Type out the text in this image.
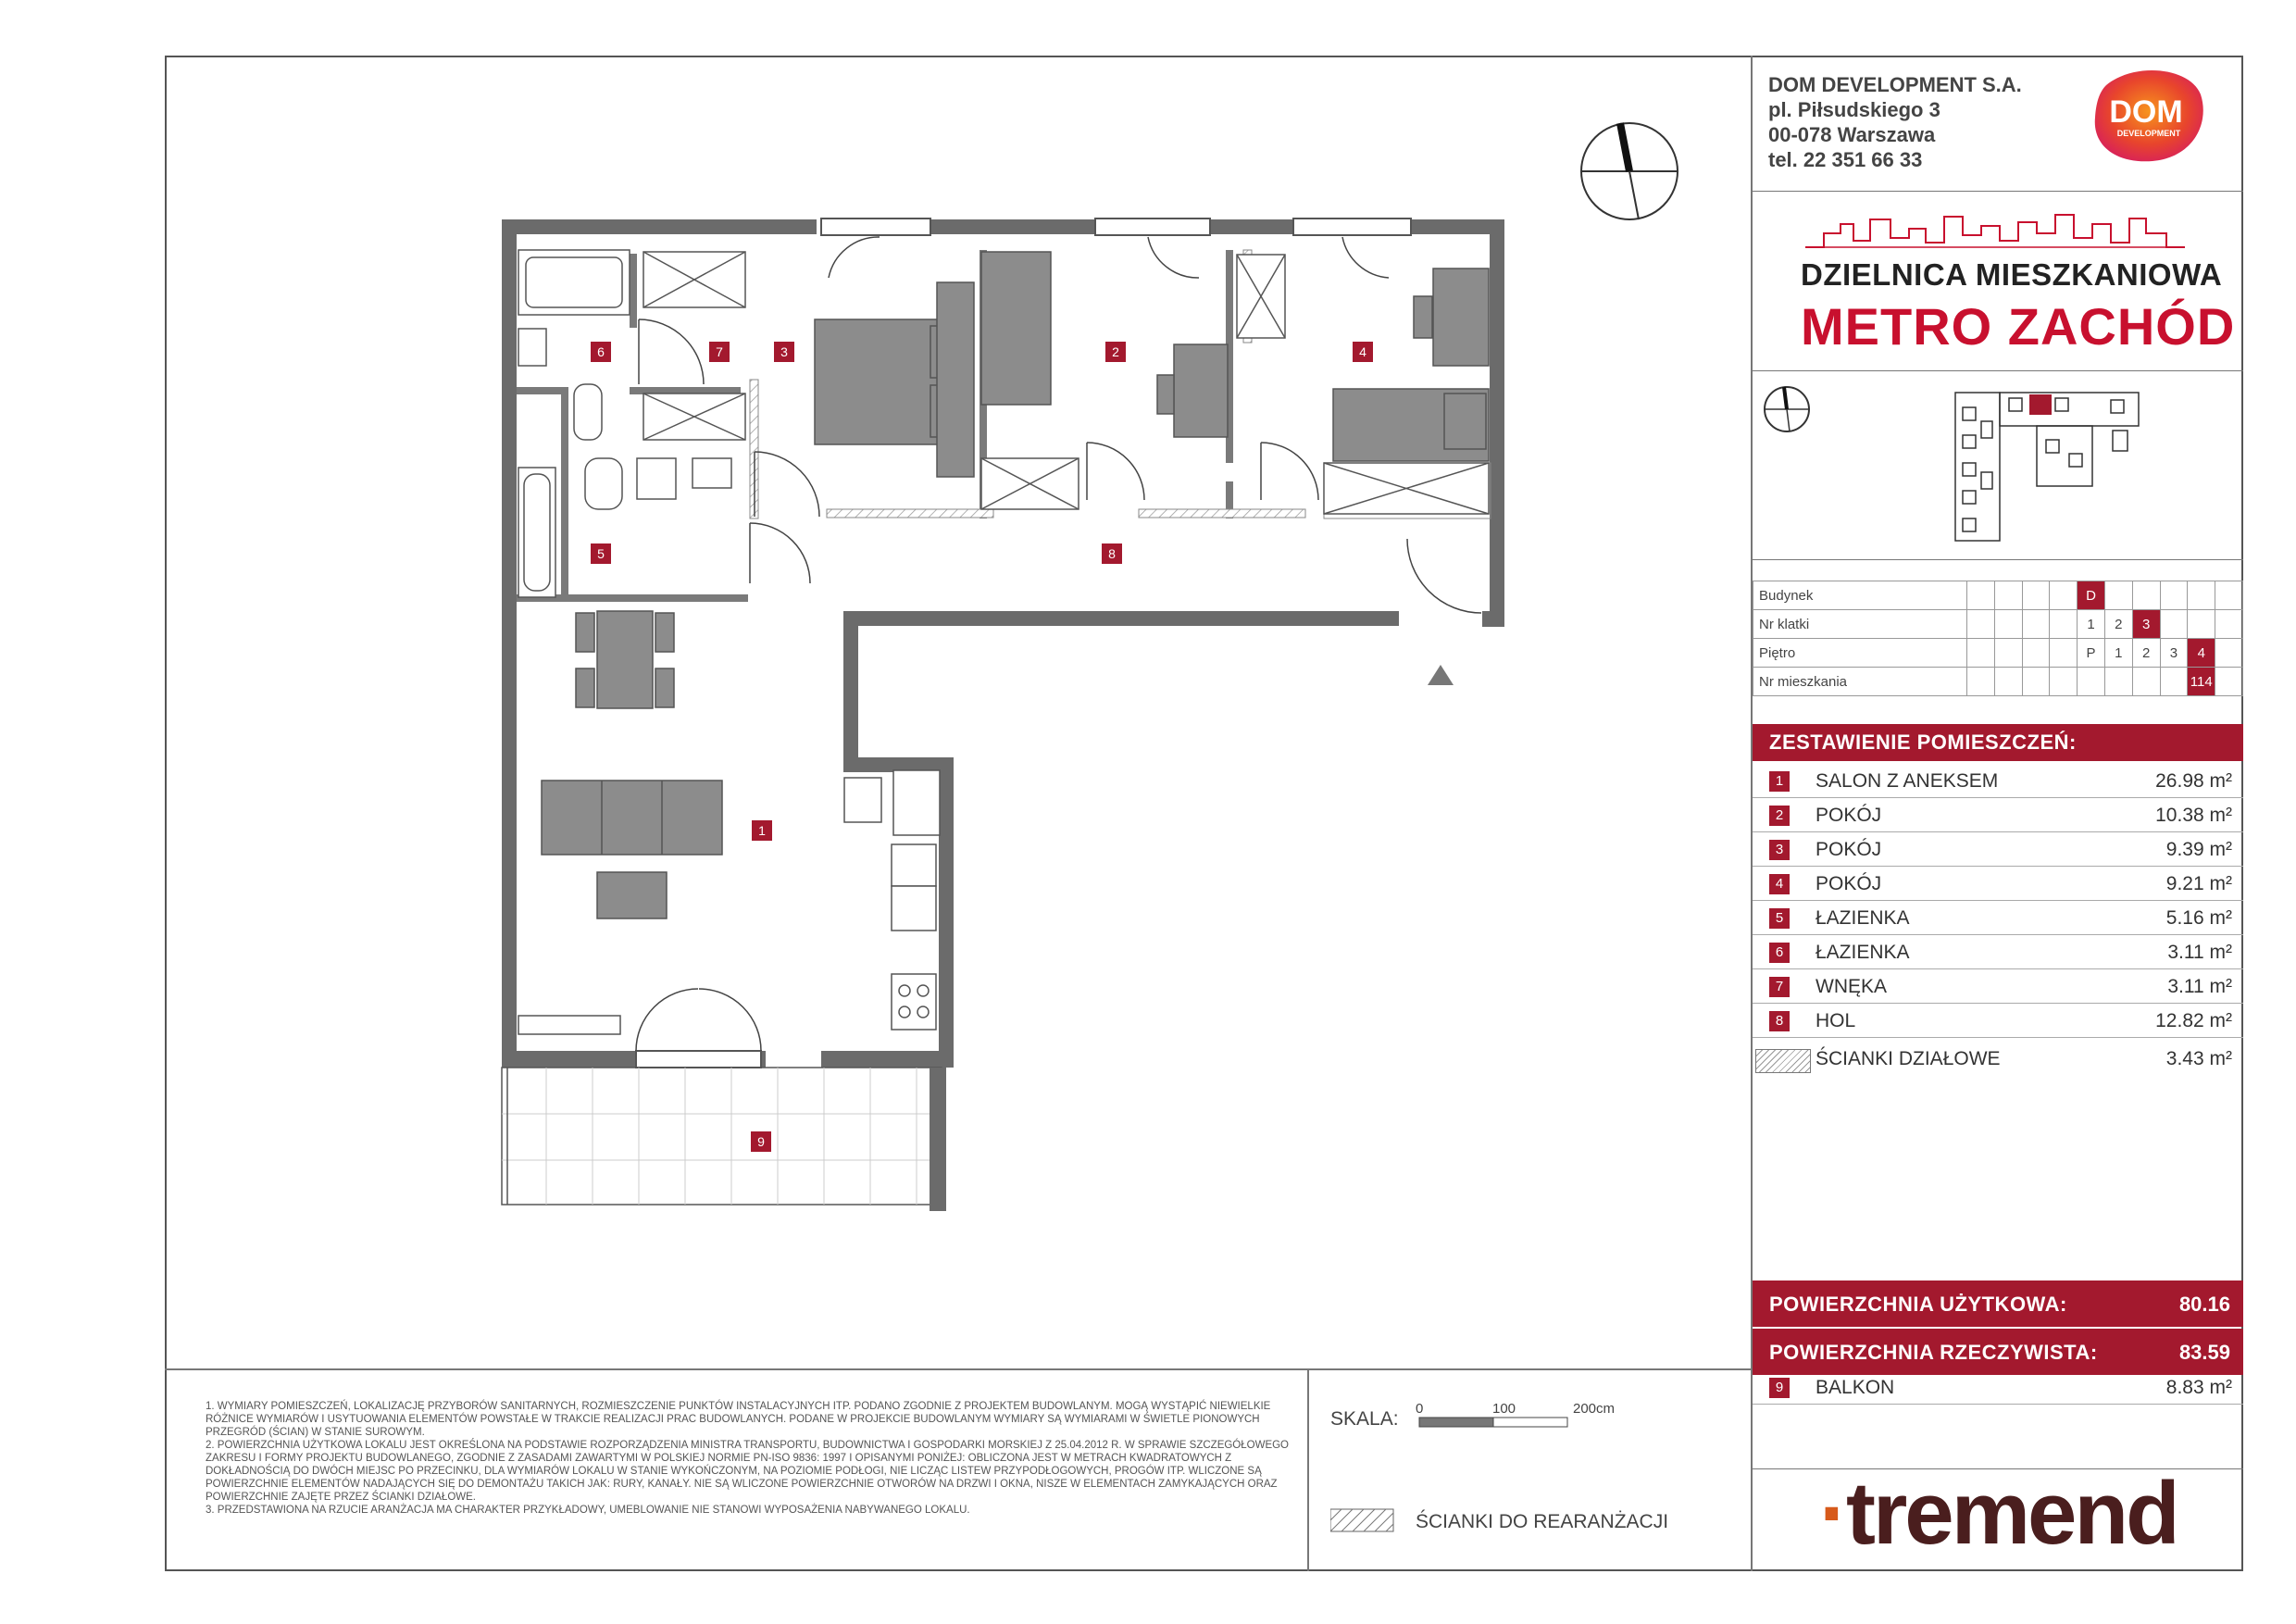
DOM DEVELOPMENT S.A.
pl. Piłsudskiego 3
00-078 Warszawa
tel. 22 351 66 33
DOM
DEVELOPMENT
DZIELNICA MIESZKANIOWA
METRO ZACHÓD
Budynek					D					
Nr klatki					1	2	3			
Piętro					P	1	2	3	4	
Nr mieszkania									114	
ZESTAWIENIE POMIESZCZEŃ:
1	SALON Z ANEKSEM	26.98 m²
2	POKÓJ	10.38 m²
3	POKÓJ	9.39 m²
4	POKÓJ	9.21 m²
5	ŁAZIENKA	5.16 m²
6	ŁAZIENKA	3.11 m²
7	WNĘKA	3.11 m²
8	HOL	12.82 m²
ŚCIANKI DZIAŁOWE	3.43 m²
POWIERZCHNIA UŻYTKOWA:	80.16
POWIERZCHNIA RZECZYWISTA:	83.59
9	BALKON	8.83 m²

1. WYMIARY POMIESZCZEŃ, LOKALIZACJĘ PRZYBORÓW SANITARNYCH, ROZMIESZCZENIE PUNKTÓW INSTALACYJNYCH ITP. PODANO ZGODNIE Z PROJEKTEM BUDOWLANYM. MOGĄ WYSTĄPIĆ NIEWIELKIE RÓŻNICE WYMIARÓW I USYTUOWANIA ELEMENTÓW POWSTAŁE W TRAKCIE REALIZACJI PRAC BUDOWLANYCH. PODANE W PROJEKCIE BUDOWLANYM WYMIARY SĄ WYMIARAMI W ŚWIETLE PIONOWYCH PRZEGRÓD (ŚCIAN) W STANIE SUROWYM.

2. POWIERZCHNIA UŻYTKOWA LOKALU JEST OKREŚLONA NA PODSTAWIE ROZPORZĄDZENIA MINISTRA TRANSPORTU, BUDOWNICTWA I GOSPODARKI MORSKIEJ Z 25.04.2012 R. W SPRAWIE SZCZEGÓŁOWEGO ZAKRESU I FORMY PROJEKTU BUDOWLANEGO, ZGODNIE Z ZASADAMI ZAWARTYMI W POLSKIEJ NORMIE PN-ISO 9836: 1997 I OPISANYMI PONIŻEJ: OBLICZONA JEST W METRACH KWADRATOWYCH Z DOKŁADNOŚCIĄ DO DWÓCH MIEJSC PO PRZECINKU, DLA WYMIARÓW LOKALU W STANIE WYKOŃCZONYM, NA POZIOMIE PODŁOGI, NIE LICZĄC LISTEW PRZYPODŁOGOWYCH, PROGÓW ITP. WLICZONE SĄ POWIERZCHNIE ELEMENTÓW NADAJĄCYCH SIĘ DO DEMONTAŻU TAKICH JAK: RURY, KANAŁY. NIE SĄ WLICZONE POWIERZCHNIE OTWORÓW NA DRZWI I OKNA, NISZE W ELEMENTACH ZAMYKAJĄCYCH ORAZ POWIERZCHNIE ZAJĘTE PRZEZ ŚCIANKI DZIAŁOWE.

3. PRZEDSTAWIONA NA RZUCIE ARANŻACJA MA CHARAKTER PRZYKŁADOWY, UMEBLOWANIE NIE STANOWI WYPOSAŻENIA NABYWANEGO LOKALU.

SKALA: 0	100	200cm
ŚCIANKI DO REARANŻACJI ·tremend
1
2
3	4
5
6	7
8
9
